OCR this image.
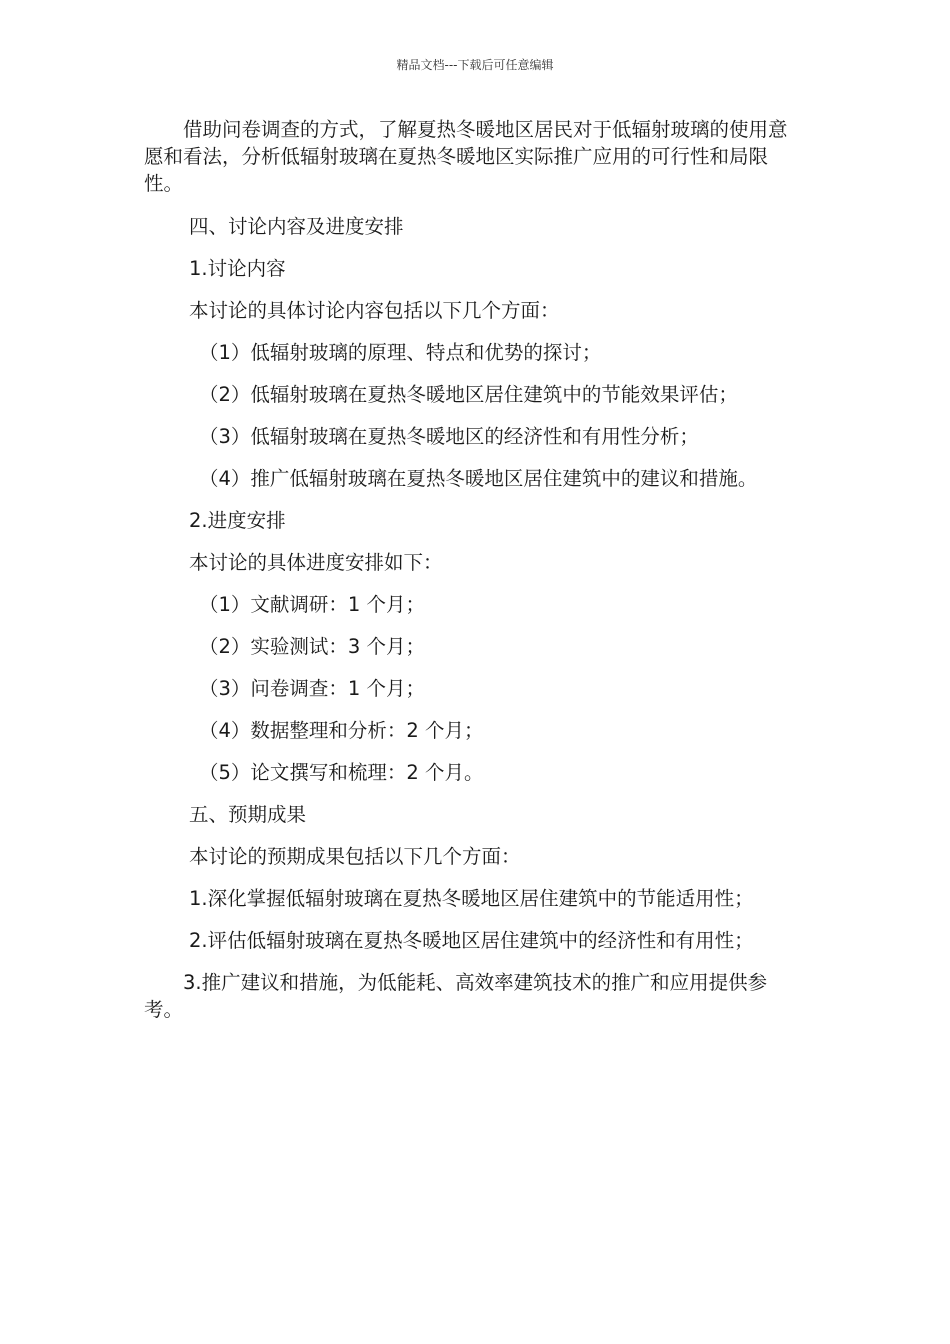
精品文档---下载后可任意编辑

借助问卷调查的方式，了解夏热冬暖地区居民对于低辐射玻璃的使用意愿和看法，分析低辐射玻璃在夏热冬暖地区实际推广应用的可行性和局限性。

四、讨论内容及进度安排

1.讨论内容

本讨论的具体讨论内容包括以下几个方面：

（1）低辐射玻璃的原理、特点和优势的探讨；

（2）低辐射玻璃在夏热冬暖地区居住建筑中的节能效果评估；

（3）低辐射玻璃在夏热冬暖地区的经济性和有用性分析；

（4）推广低辐射玻璃在夏热冬暖地区居住建筑中的建议和措施。

2.进度安排

本讨论的具体进度安排如下：

（1）文献调研：1 个月；

（2）实验测试：3 个月；

（3）问卷调查：1 个月；

（4）数据整理和分析：2 个月；

（5）论文撰写和梳理：2 个月。

五、预期成果

本讨论的预期成果包括以下几个方面：

1.深化掌握低辐射玻璃在夏热冬暖地区居住建筑中的节能适用性；

2.评估低辐射玻璃在夏热冬暖地区居住建筑中的经济性和有用性；

3.推广建议和措施，为低能耗、高效率建筑技术的推广和应用提供参考。
